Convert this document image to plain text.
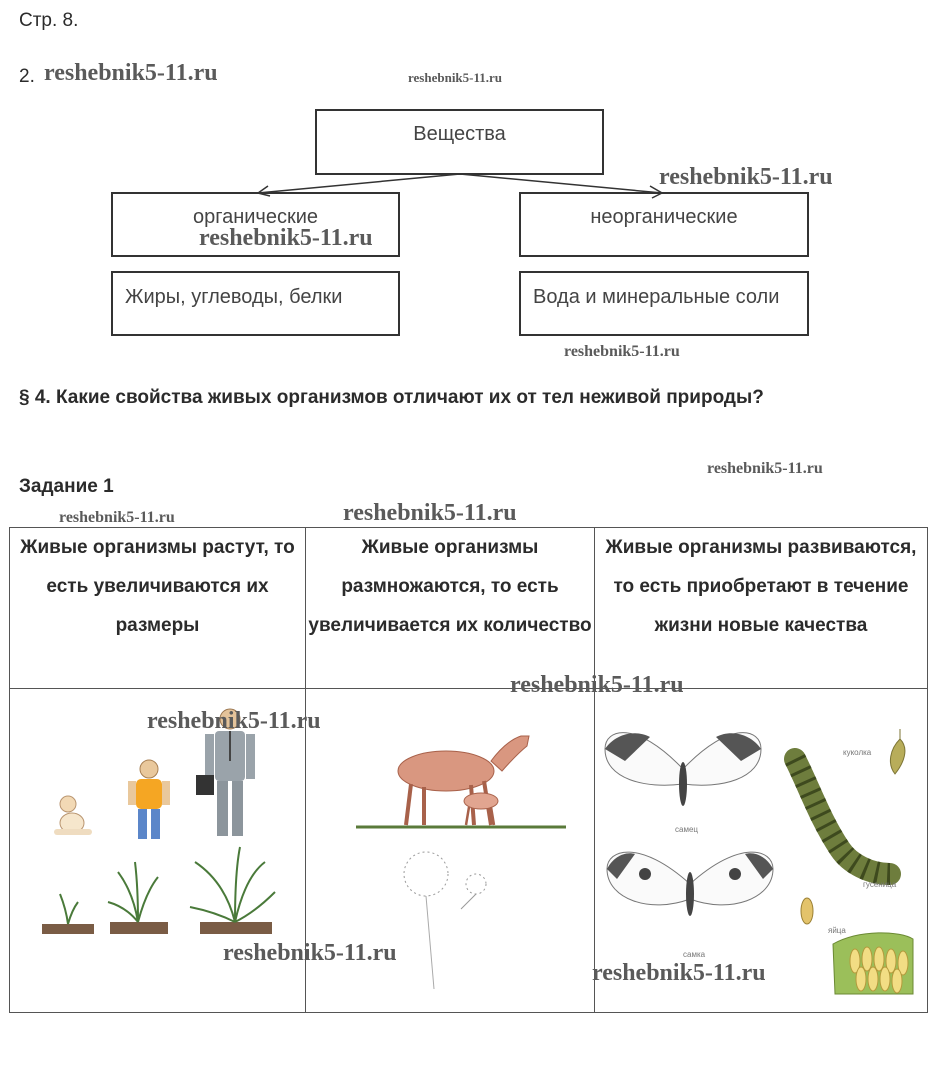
Стр. 8.
2.
Вещества
органические	неорганические
Жиры, углеводы, белки	Вода и минеральные соли
§ 4. Какие свойства живых организмов отличают их от тел неживой природы?
Задание 1
Живые организмы растут, то есть увеличиваются их размеры	Живые организмы размножаются, то есть увеличивается их количество	Живые организмы развиваются, то есть приобретают в течение жизни новые качества

самец
самка
гусеница
куколка
яйца
reshebnik5-11.ru	reshebnik5-11.ru
reshebnik5-11.ru
reshebnik5-11.ru
reshebnik5-11.ru
reshebnik5-11.ru
reshebnik5-11.ru	reshebnik5-11.ru
reshebnik5-11.ru
reshebnik5-11.ru
reshebnik5-11.ru
reshebnik5-11.ru
